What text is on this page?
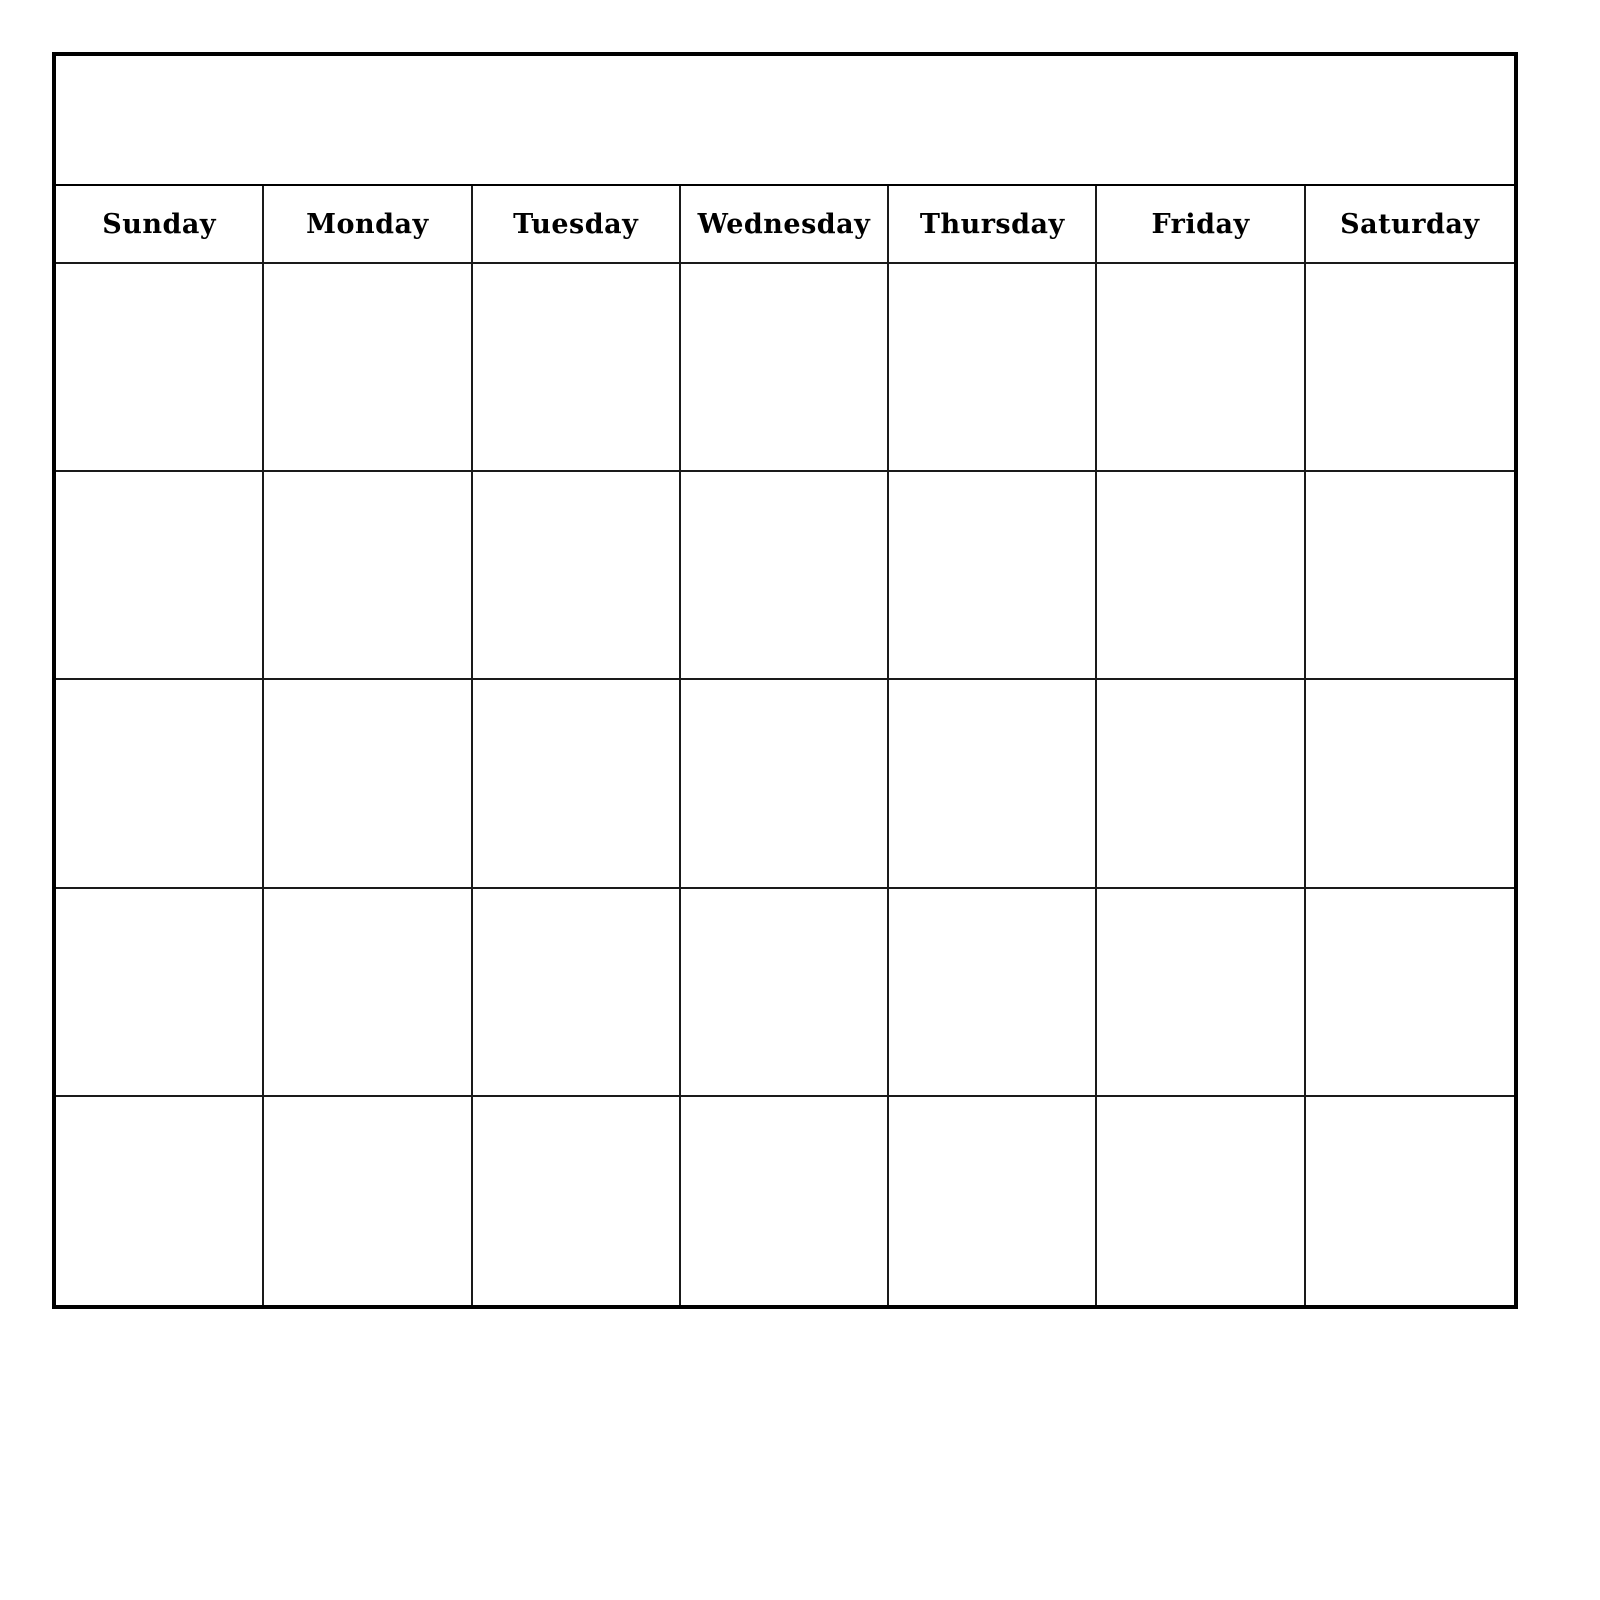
Sunday	Monday	Tuesday	Wednesday	Thursday	Friday	Saturday
